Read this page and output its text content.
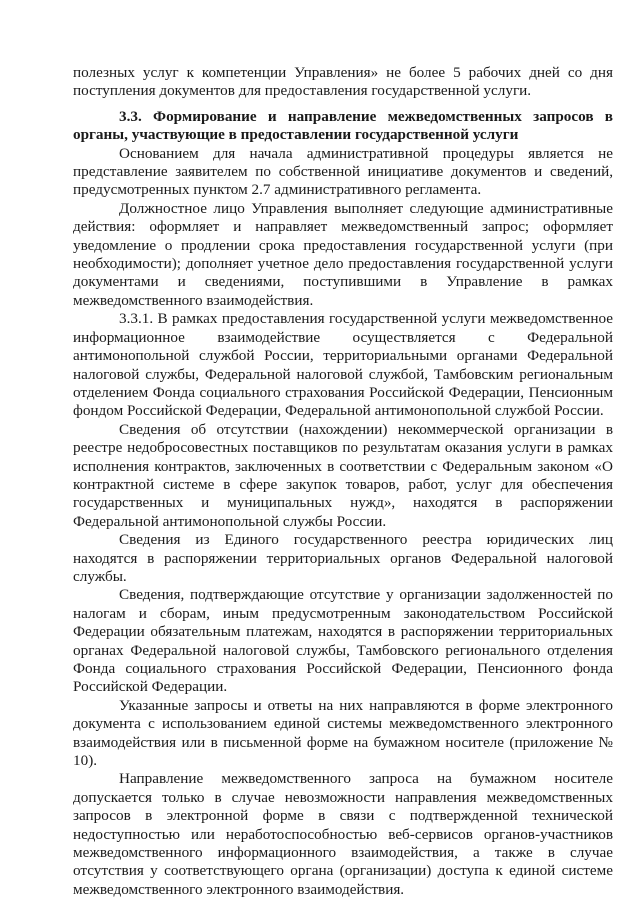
полезных услуг к компетенции Управления» не более 5 рабочих дней со дня поступления документов для предоставления государственной услуги.

3.3. Формирование и направление межведомственных запросов в органы, участвующие в предоставлении государственной услуги

Основанием для начала административной процедуры является не представление заявителем по собственной инициативе документов и сведений, предусмотренных пунктом 2.7 административного регламента.

Должностное лицо Управления выполняет следующие административные действия: оформляет и направляет межведомственный запрос; оформляет уведомление о продлении срока предоставления государственной услуги (при необходимости); дополняет учетное дело предоставления государственной услуги документами и сведениями, поступившими в Управление в рамках межведомственного взаимодействия.

3.3.1. В рамках предоставления государственной услуги межведомственное информационное взаимодействие осуществляется с Федеральной антимонопольной службой России, территориальными органами Федеральной налоговой службы, Федеральной налоговой службой, Тамбовским региональным отделением Фонда социального страхования Российской Федерации, Пенсионным фондом Российской Федерации, Федеральной антимонопольной службой России.

Сведения об отсутствии (нахождении) некоммерческой организации в реестре недобросовестных поставщиков по результатам оказания услуги в рамках исполнения контрактов, заключенных в соответствии с Федеральным законом «О контрактной системе в сфере закупок товаров, работ, услуг для обеспечения государственных и муниципальных нужд», находятся в распоряжении Федеральной антимонопольной службы России.

Сведения из Единого государственного реестра юридических лиц находятся в распоряжении территориальных органов Федеральной налоговой службы.

Сведения, подтверждающие отсутствие у организации задолженностей по налогам и сборам, иным предусмотренным законодательством Российской Федерации обязательным платежам, находятся в распоряжении территориальных органах Федеральной налоговой службы, Тамбовского регионального отделения Фонда социального страхования Российской Федерации, Пенсионного фонда Российской Федерации.

Указанные запросы и ответы на них направляются в форме электронного документа с использованием единой системы межведомственного электронного взаимодействия или в письменной форме на бумажном носителе (приложение № 10).

Направление межведомственного запроса на бумажном носителе допускается только в случае невозможности направления межведомственных запросов в электронной форме в связи с подтвержденной технической недоступностью или неработоспособностью веб-сервисов органов-участников межведомственного информационного взаимодействия, а также в случае отсутствия у соответствующего органа (организации) доступа к единой системе межведомственного электронного взаимодействия.
